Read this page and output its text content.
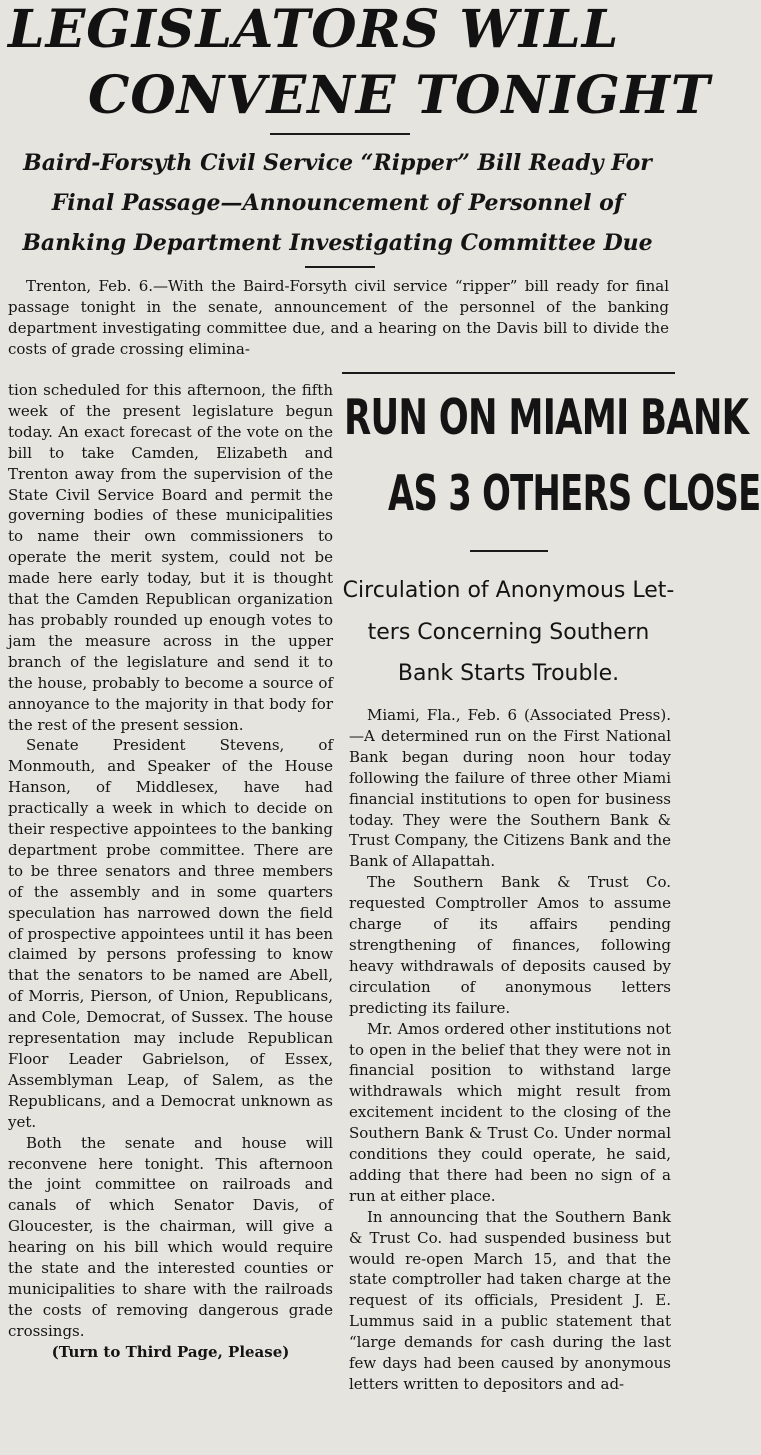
LEGISLATORS WILL
CONVENE TONIGHT
Baird-Forsyth Civil Service “Ripper” Bill Ready For
Final Passage—Announcement of Personnel of
Banking Department Investigating Committee Due

Trenton, Feb. 6.—With the Baird-Forsyth civil service “ripper” bill ready for final passage tonight in the senate, announcement of the personnel of the banking department investigating committee due, and a hearing on the Davis bill to divide the costs of grade crossing elimina-

tion scheduled for this afternoon, the fifth week of the present legislature begun today. An exact forecast of the vote on the bill to take Camden, Elizabeth and Trenton away from the supervision of the State Civil Service Board and permit the governing bodies of these municipalities to name their own commissioners to operate the merit system, could not be made here early today, but it is thought that the Camden Republican organization has probably rounded up enough votes to jam the measure across in the upper branch of the legislature and send it to the house, probably to become a source of annoyance to the majority in that body for the rest of the present session.

Senate President Stevens, of Monmouth, and Speaker of the House Hanson, of Middlesex, have had practically a week in which to decide on their respective appointees to the banking department probe committee. There are to be three senators and three members of the assembly and in some quarters speculation has narrowed down the field of prospective appointees until it has been claimed by persons professing to know that the senators to be named are Abell, of Morris, Pierson, of Union, Republicans, and Cole, Democrat, of Sussex. The house representation may include Republican Floor Leader Gabrielson, of Essex, Assemblyman Leap, of Salem, as the Republicans, and a Democrat unknown as yet.

Both the senate and house will reconvene here tonight. This afternoon the joint committee on railroads and canals of which Senator Davis, of Gloucester, is the chairman, will give a hearing on his bill which would require the state and the interested counties or municipalities to share with the railroads the costs of removing dangerous grade crossings.

(Turn to Third Page, Please)

RUN ON MIAMI BANK
AS 3 OTHERS CLOSE
Circulation of Anonymous Let-
ters Concerning Southern
Bank Starts Trouble.

Miami, Fla., Feb. 6 (Associated Press).—A determined run on the First National Bank began during noon hour today following the failure of three other Miami financial institutions to open for business today. They were the Southern Bank & Trust Company, the Citizens Bank and the Bank of Allapattah.

The Southern Bank & Trust Co. requested Comptroller Amos to assume charge of its affairs pending strengthening of finances, following heavy withdrawals of deposits caused by circulation of anonymous letters predicting its failure.

Mr. Amos ordered other institutions not to open in the belief that they were not in financial position to withstand large withdrawals which might result from excitement incident to the closing of the Southern Bank & Trust Co. Under normal conditions they could operate, he said, adding that there had been no sign of a run at either place.

In announcing that the Southern Bank & Trust Co. had suspended business but would re-open March 15, and that the state comptroller had taken charge at the request of its officials, President J. E. Lummus said in a public statement that “large demands for cash during the last few days had been caused by anonymous letters written to depositors and ad-
